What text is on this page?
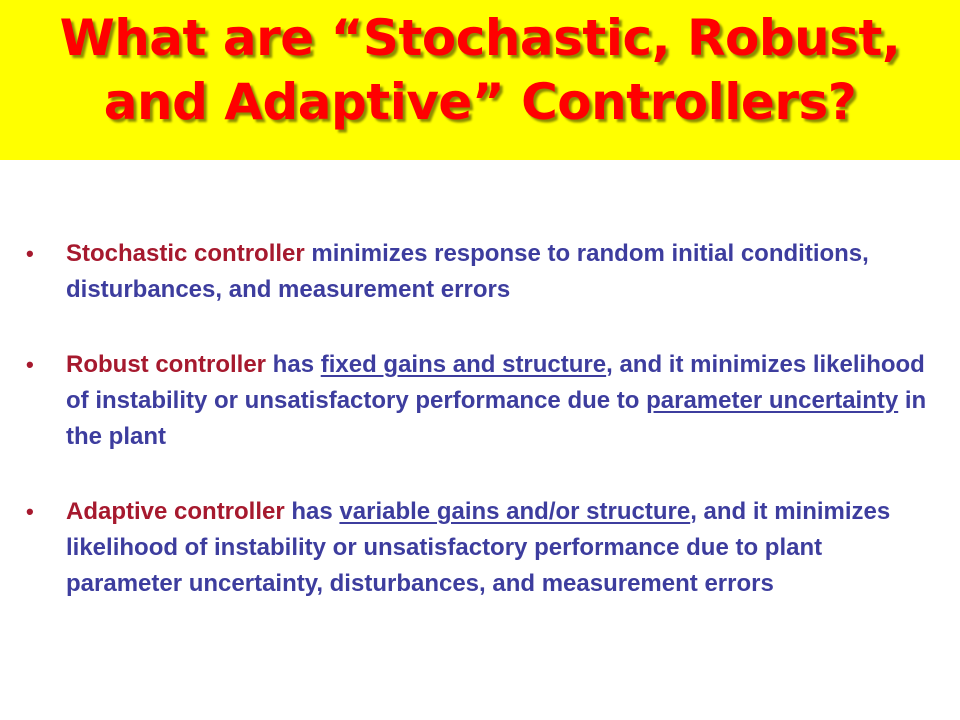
What are “Stochastic, Robust,
and Adaptive” Controllers?
• Stochastic controller minimizes response to random initial conditions, disturbances, and measurement errors
• Robust controller has fixed gains and structure, and it minimizes likelihood of instability or unsatisfactory performance due to parameter uncertainty in the plant
• Adaptive controller has variable gains and/or structure, and it minimizes likelihood of instability or unsatisfactory performance due to plant parameter uncertainty, disturbances, and measurement errors
